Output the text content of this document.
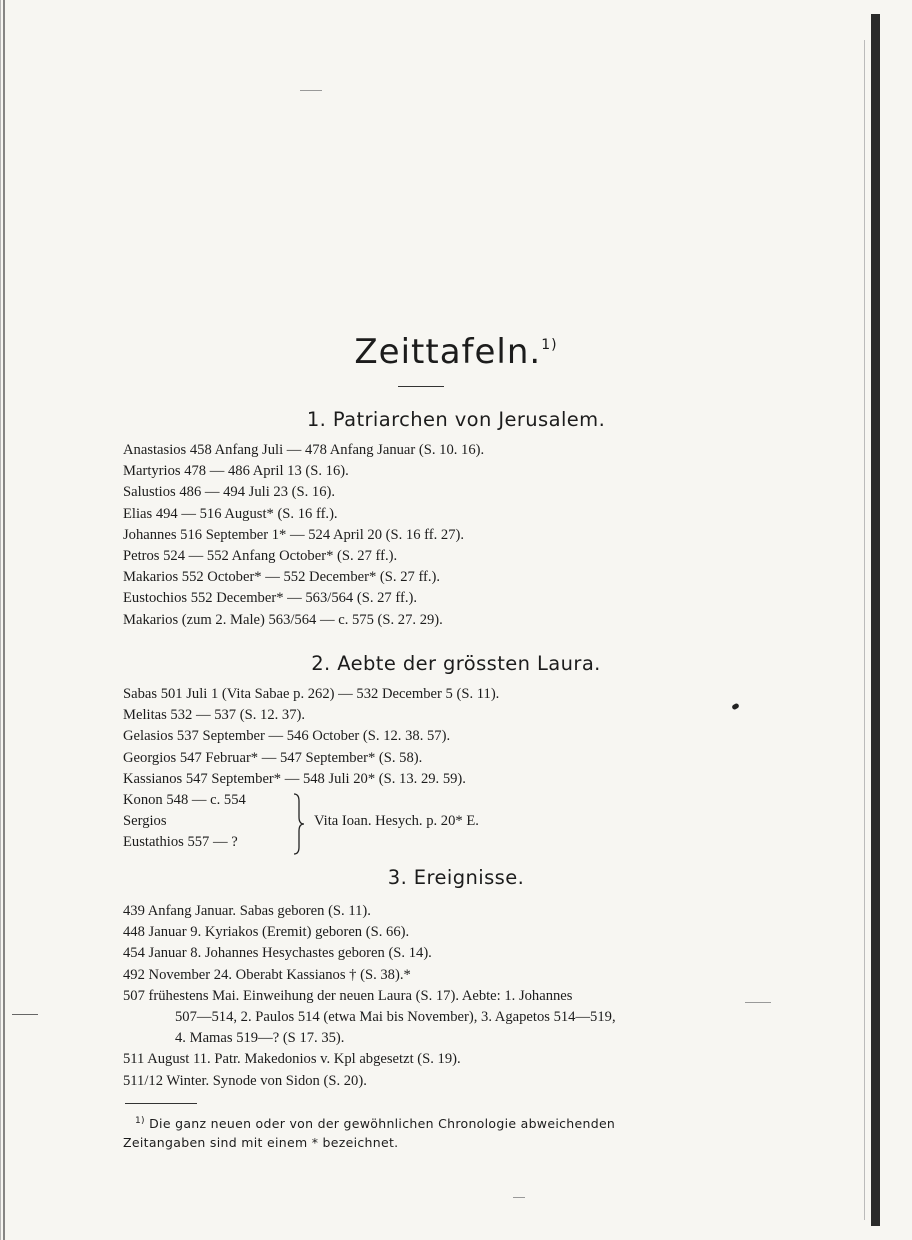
Zeittafeln.$^{1)}$
1. Patriarchen von Jerusalem.
Anastasios 458 Anfang Juli — 478 Anfang Januar (S. 10. 16).
Martyrios 478 — 486 April 13 (S. 16).
Salustios 486 — 494 Juli 23 (S. 16).
Elias 494 — 516 August* (S. 16 ff.).
Johannes 516 September 1* — 524 April 20 (S. 16 ff. 27).
Petros 524 — 552 Anfang October* (S. 27 ff.).
Makarios 552 October* — 552 December* (S. 27 ff.).
Eustochios 552 December* — 563/564 (S. 27 ff.).
Makarios (zum 2. Male) 563/564 — c. 575 (S. 27. 29).
2. Aebte der grössten Laura.
Sabas 501 Juli 1 (Vita Sabae p. 262) — 532 December 5 (S. 11).
Melitas 532 — 537 (S. 12. 37).
Gelasios 537 September — 546 October (S. 12. 38. 57).
Georgios 547 Februar* — 547 September* (S. 58).
Kassianos 547 September* — 548 Juli 20* (S. 13. 29. 59).
Konon 548 — c. 554
Sergios
Eustathios 557 — ?
Vita Ioan. Hesych. p. 20* E.
3. Ereignisse.
439 Anfang Januar. Sabas geboren (S. 11).
448 Januar 9. Kyriakos (Eremit) geboren (S. 66).
454 Januar 8. Johannes Hesychastes geboren (S. 14).
492 November 24. Oberabt Kassianos † (S. 38).*
507 frühestens Mai. Einweihung der neuen Laura (S. 17). Aebte: 1. Johannes
507—514, 2. Paulos 514 (etwa Mai bis November), 3. Agapetos 514—519,
4. Mamas 519—? (S 17. 35).
511 August 11. Patr. Makedonios v. Kpl abgesetzt (S. 19).
511/12 Winter. Synode von Sidon (S. 20).
$^{1)}$ Die ganz neuen oder von der gewöhnlichen Chronologie abweichenden
Zeitangaben sind mit einem * bezeichnet.
